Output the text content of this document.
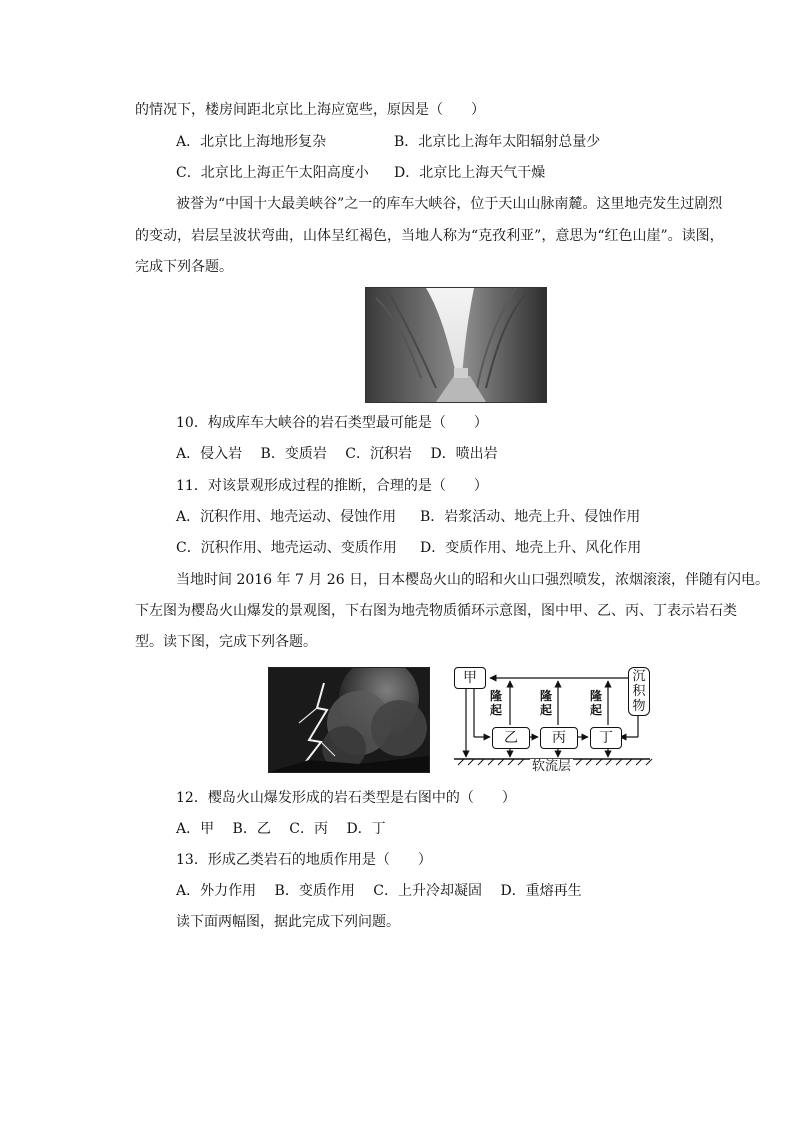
的情况下，楼房间距北京比上海应宽些，原因是（　　）
A．北京比上海地形复杂	B．北京比上海年太阳辐射总量少
C．北京比上海正午太阳高度小 D．北京比上海天气干燥
被誉为“中国十大最美峡谷”之一的库车大峡谷，位于天山山脉南麓。这里地壳发生过剧烈
的变动，岩层呈波状弯曲，山体呈红褐色，当地人称为“克孜利亚”，意思为“红色山崖”。读图，
完成下列各题。
10．构成库车大峡谷的岩石类型最可能是（　　）
A．侵入岩　 B．变质岩　 C．沉积岩　 D．喷出岩
11．对该景观形成过程的推断，合理的是（　　）
A．沉积作用、地壳运动、侵蚀作用 B．岩浆活动、地壳上升、侵蚀作用
C．沉积作用、地壳运动、变质作用 D．变质作用、地壳上升、风化作用
当地时间 2016 年 7 月 26 日，日本樱岛火山的昭和火山口强烈喷发，浓烟滚滚，伴随有闪电。
下左图为樱岛火山爆发的景观图，下右图为地壳物质循环示意图，图中甲、乙、丙、丁表示岩石类
型。读下图，完成下列各题。
甲
乙	丙	丁
沉
积
物
隆
起
隆
起
隆
起
软流层
12．樱岛火山爆发形成的岩石类型是右图中的（　　）
A．甲　 B．乙　 C．丙　 D．丁
13．形成乙类岩石的地质作用是（　　）
A．外力作用　 B．变质作用　 C．上升冷却凝固　 D．重熔再生
读下面两幅图，据此完成下列问题。
